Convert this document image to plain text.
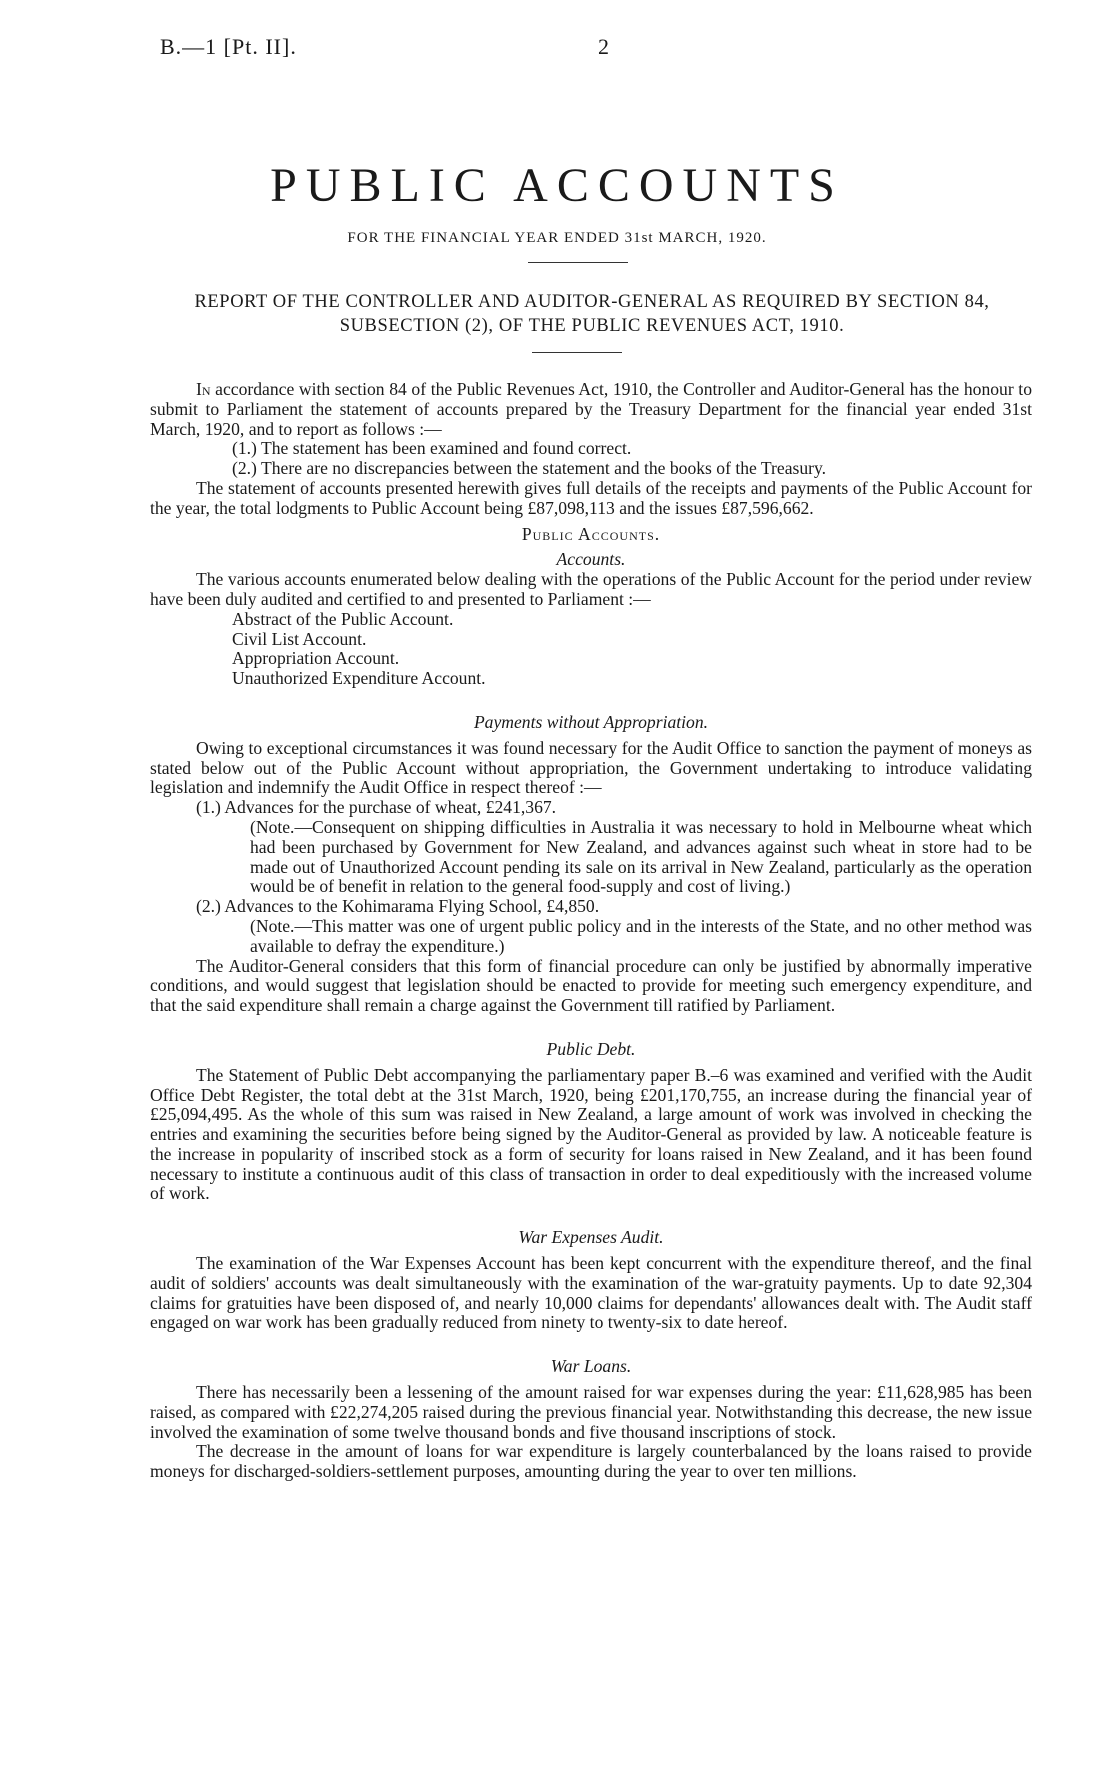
B.—1 [Pt. II].	2
PUBLIC ACCOUNTS
FOR THE FINANCIAL YEAR ENDED 31st MARCH, 1920.
REPORT OF THE CONTROLLER AND AUDITOR-GENERAL AS REQUIRED BY SECTION 84, SUBSECTION (2), OF THE PUBLIC REVENUES ACT, 1910.

In accordance with section 84 of the Public Revenues Act, 1910, the Controller and Auditor-General has the honour to submit to Parliament the statement of accounts prepared by the Treasury Department for the financial year ended 31st March, 1920, and to report as follows :—

(1.) The statement has been examined and found correct.

(2.) There are no discrepancies between the statement and the books of the Treasury.

The statement of accounts presented herewith gives full details of the receipts and payments of the Public Account for the year, the total lodgments to Public Account being £87,098,113 and the issues £87,596,662.

Public Accounts.

Accounts.

The various accounts enumerated below dealing with the operations of the Public Account for the period under review have been duly audited and certified to and presented to Parliament :—

Abstract of the Public Account.

Civil List Account.

Appropriation Account.

Unauthorized Expenditure Account.

Payments without Appropriation.

Owing to exceptional circumstances it was found necessary for the Audit Office to sanction the payment of moneys as stated below out of the Public Account without appropriation, the Government undertaking to introduce validating legislation and indemnify the Audit Office in respect thereof :—

(1.) Advances for the purchase of wheat, £241,367.

(Note.—Consequent on shipping difficulties in Australia it was necessary to hold in Melbourne wheat which had been purchased by Government for New Zealand, and advances against such wheat in store had to be made out of Unauthorized Account pending its sale on its arrival in New Zealand, particularly as the operation would be of benefit in relation to the general food-supply and cost of living.)

(2.) Advances to the Kohimarama Flying School, £4,850.

(Note.—This matter was one of urgent public policy and in the interests of the State, and no other method was available to defray the expenditure.)

The Auditor-General considers that this form of financial procedure can only be justified by abnormally imperative conditions, and would suggest that legislation should be enacted to provide for meeting such emergency expenditure, and that the said expenditure shall remain a charge against the Government till ratified by Parliament.

Public Debt.

The Statement of Public Debt accompanying the parliamentary paper B.–6 was examined and verified with the Audit Office Debt Register, the total debt at the 31st March, 1920, being £201,170,755, an increase during the financial year of £25,094,495. As the whole of this sum was raised in New Zealand, a large amount of work was involved in checking the entries and examining the securities before being signed by the Auditor-General as provided by law. A noticeable feature is the increase in popularity of inscribed stock as a form of security for loans raised in New Zealand, and it has been found necessary to institute a continuous audit of this class of transaction in order to deal expeditiously with the increased volume of work.

War Expenses Audit.

The examination of the War Expenses Account has been kept concurrent with the expenditure thereof, and the final audit of soldiers' accounts was dealt simultaneously with the examination of the war-gratuity payments. Up to date 92,304 claims for gratuities have been disposed of, and nearly 10,000 claims for dependants' allowances dealt with. The Audit staff engaged on war work has been gradually reduced from ninety to twenty-six to date hereof.

War Loans.

There has necessarily been a lessening of the amount raised for war expenses during the year: £11,628,985 has been raised, as compared with £22,274,205 raised during the previous financial year. Notwithstanding this decrease, the new issue involved the examination of some twelve thousand bonds and five thousand inscriptions of stock.

The decrease in the amount of loans for war expenditure is largely counterbalanced by the loans raised to provide moneys for discharged-soldiers-settlement purposes, amounting during the year to over ten millions.
